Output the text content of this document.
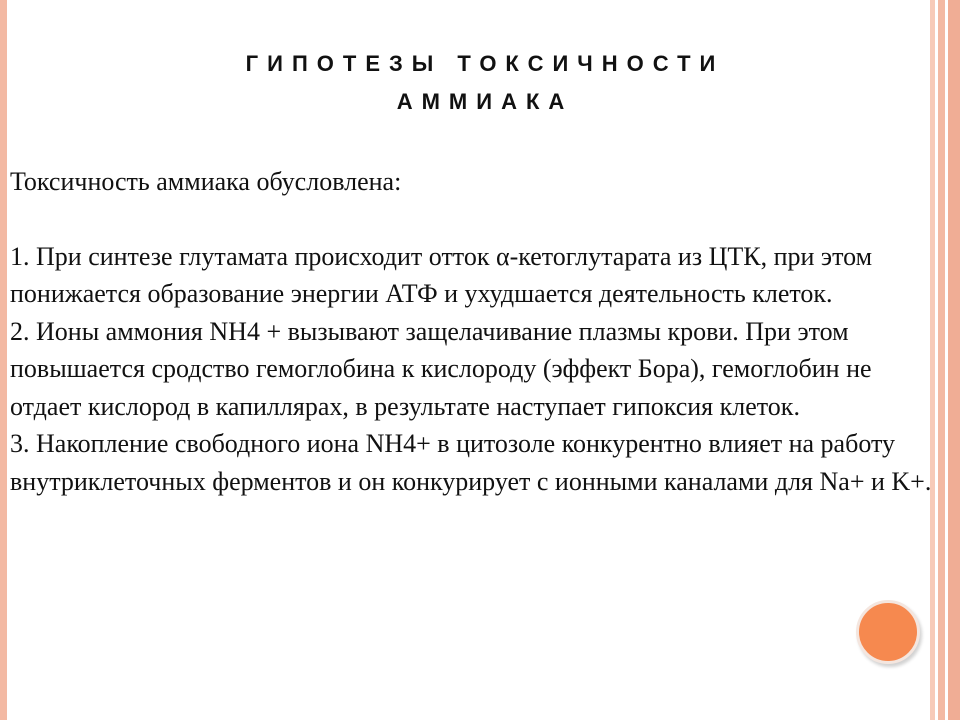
ГИПОТЕЗЫ ТОКСИЧНОСТИ
АММИАКА

Токсичность аммиака обусловлена:

1. При синтезе глутамата происходит отток α-кетоглутарата из ЦТК, при этом понижается образование энергии АТФ и ухудшается деятельность клеток.

2. Ионы аммония NH4 + вызывают защелачивание плазмы крови. При этом повышается сродство гемоглобина к кислороду (эффект Бора), гемоглобин не отдает кислород в капиллярах, в результате наступает гипоксия клеток.

3. Накопление свободного иона NH4+ в цитозоле конкурентно влияет на работу внутриклеточных ферментов и он конкурирует с ионными каналами для Na+ и K+.
